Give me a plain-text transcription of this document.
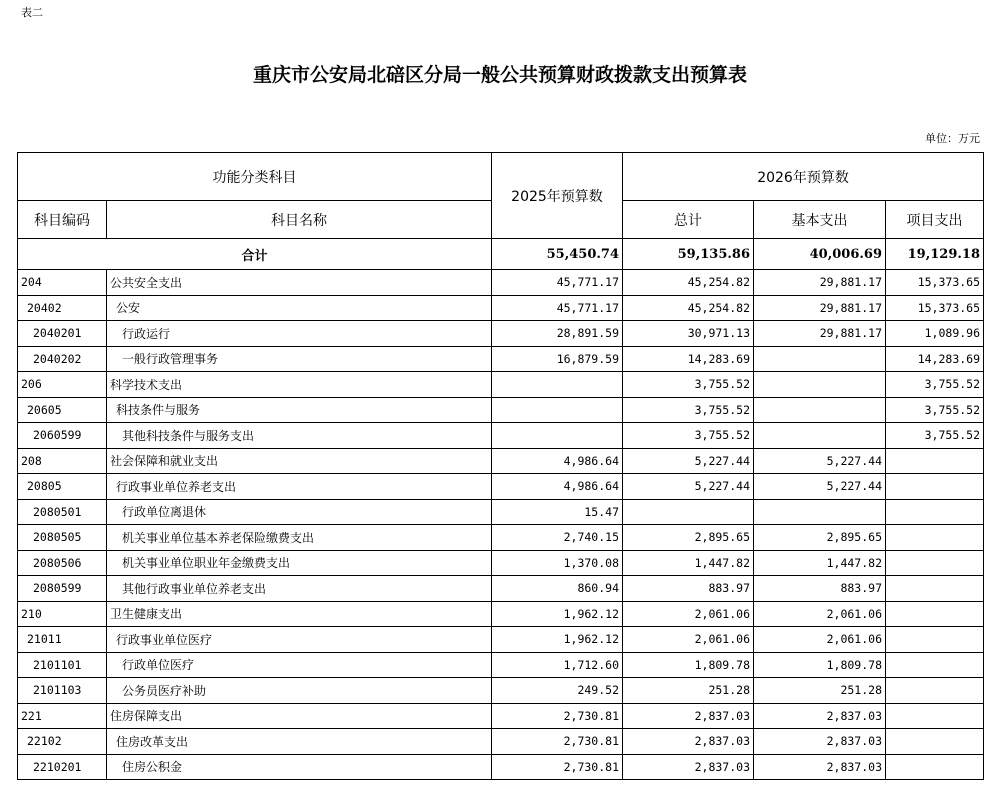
表二
重庆市公安局北碚区分局一般公共预算财政拨款支出预算表
单位：万元
功能分类科目		2025年预算数	2026年预算数		
科目编码	科目名称		总计	基本支出	项目支出
合计		55,450.74	59,135.86	40,006.69	19,129.18
204	公共安全支出	45,771.17	45,254.82	29,881.17	15,373.65
20402	公安	45,771.17	45,254.82	29,881.17	15,373.65
2040201	行政运行	28,891.59	30,971.13	29,881.17	1,089.96
2040202	一般行政管理事务	16,879.59	14,283.69		14,283.69
206	科学技术支出		3,755.52		3,755.52
20605	科技条件与服务		3,755.52		3,755.52
2060599	其他科技条件与服务支出		3,755.52		3,755.52
208	社会保障和就业支出	4,986.64	5,227.44	5,227.44	
20805	行政事业单位养老支出	4,986.64	5,227.44	5,227.44	
2080501	行政单位离退休	15.47			
2080505	机关事业单位基本养老保险缴费支出	2,740.15	2,895.65	2,895.65	
2080506	机关事业单位职业年金缴费支出	1,370.08	1,447.82	1,447.82	
2080599	其他行政事业单位养老支出	860.94	883.97	883.97	
210	卫生健康支出	1,962.12	2,061.06	2,061.06	
21011	行政事业单位医疗	1,962.12	2,061.06	2,061.06	
2101101	行政单位医疗	1,712.60	1,809.78	1,809.78	
2101103	公务员医疗补助	249.52	251.28	251.28	
221	住房保障支出	2,730.81	2,837.03	2,837.03	
22102	住房改革支出	2,730.81	2,837.03	2,837.03	
2210201	住房公积金	2,730.81	2,837.03	2,837.03	
